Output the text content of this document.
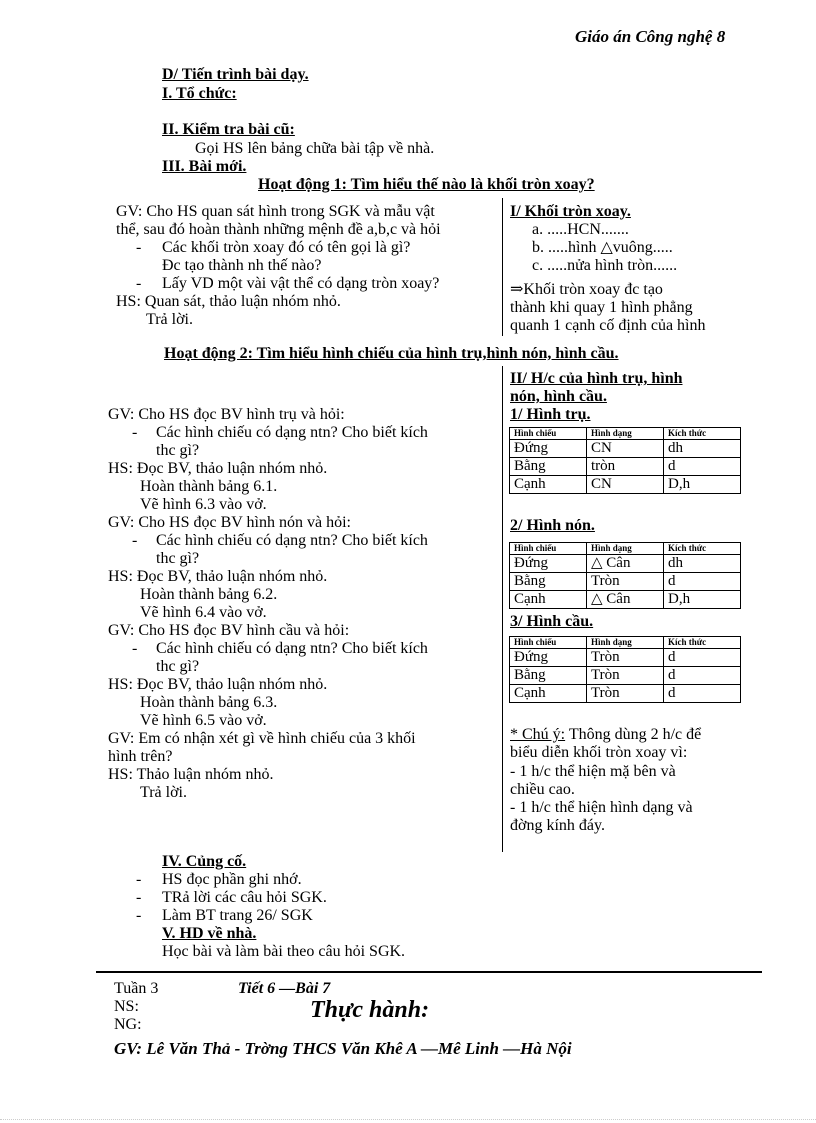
Giáo án Công nghệ 8
D/ Tiến trình bài dạy.
I. Tổ chức:
II. Kiểm tra bài cũ:
Gọi HS lên bảng chữa bài tập về nhà.
III. Bài mới.
Hoạt động 1: Tìm hiểu thế nào là khối tròn xoay?
GV: Cho HS quan sát hình trong SGK và mẫu vật
thể, sau đó hoàn thành những mệnh đề a,b,c và hỏi
- Các khối tròn xoay đó có tên gọi là gì?
Đc tạo thành nh thế nào?
- Lấy VD một vài vật thể có dạng tròn xoay?
HS: Quan sát, thảo luận nhóm nhỏ.
Trả lời.
I/ Khối tròn xoay.
a. .....HCN.......
b. .....hình △vuông.....
c. .....nửa hình tròn......
⇒Khối tròn xoay đc tạo
thành khi quay 1 hình phẳng
quanh 1 cạnh cố định của hình
Hoạt động 2: Tìm hiểu hình chiếu của hình trụ,hình nón, hình cầu.
GV: Cho HS đọc BV hình trụ và hỏi:
- Các hình chiếu có dạng ntn? Cho biết kích
thc gì?
HS: Đọc BV, thảo luận nhóm nhỏ.
Hoàn thành bảng 6.1.
Vẽ hình 6.3 vào vở.
GV: Cho HS đọc BV hình nón và hỏi:
- Các hình chiếu có dạng ntn? Cho biết kích
thc gì?
HS: Đọc BV, thảo luận nhóm nhỏ.
Hoàn thành bảng 6.2.
Vẽ hình 6.4 vào vở.
GV: Cho HS đọc BV hình cầu và hỏi:
- Các hình chiếu có dạng ntn? Cho biết kích
thc gì?
HS: Đọc BV, thảo luận nhóm nhỏ.
Hoàn thành bảng 6.3.
Vẽ hình 6.5 vào vở.
GV: Em có nhận xét gì về hình chiếu của 3 khối
hình trên?
HS: Thảo luận nhóm nhỏ.
Trả lời.
II/ H/c của hình trụ, hình
nón, hình cầu.
1/ Hình trụ.
Hình chiếu	Hình dạng	Kích thức
Đứng	CN	dh
Bằng	tròn	d
Cạnh	CN	D,h
2/ Hình nón.
Hình chiếu	Hình dạng	Kích thức
Đứng	△ Cân	dh
Bằng	Tròn	d
Cạnh	△ Cân	D,h
3/ Hình cầu.
Hình chiếu	Hình dạng	Kích thức
Đứng	Tròn	d
Bằng	Tròn	d
Cạnh	Tròn	d
* Chú ý: Thông dùng 2 h/c để
biểu diễn khối tròn xoay vì:
- 1 h/c thể hiện mặ bên và
chiều cao.
- 1 h/c thể hiện hình dạng và
đờng kính đáy.
IV. Củng cố.
- HS đọc phần ghi nhớ.
- TRả lời các câu hỏi SGK.
- Làm BT trang 26/ SGK
V. HD về nhà.
Học bài và làm bài theo câu hỏi SGK.
Tuần 3	Tiết 6 —Bài 7
NS:
NG:
Thực hành:
GV: Lê Văn Thả - Trờng THCS Văn Khê A —Mê Linh —Hà Nội
